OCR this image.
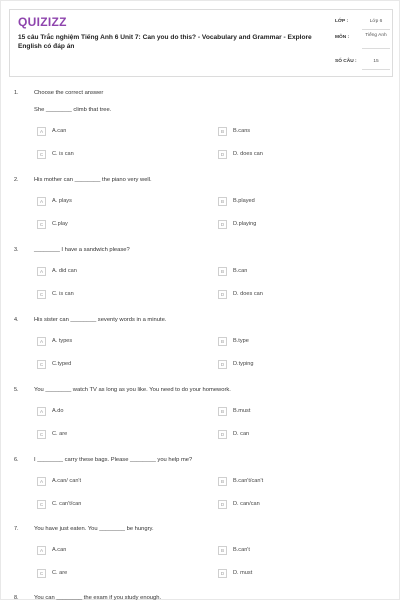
QUIZIZZ
15 câu Trắc nghiệm Tiếng Anh 6 Unit 7: Can you do this? - Vocabulary and Grammar - Explore English có đáp án
LỚP :	Lớp 6
MÔN :	Tiếng Anh
SỐ CÂU :	15
1.	Choose the correct answer
She ________ climb that tree.
A	A.can	B	B.cans
C	C. is can	D	D. does can
2.	His mother can ________ the piano very well.
A	A. plays	B	B.played
C	C.play	D	D.playing
3.	________ I have a sandwich please?
A	A. did can	B	B.can
C	C. is can	D	D. does can
4.	His sister can ________ seventy words in a minute.
A	A. types	B	B.type
C	C.typed	D	D.typing
5.	You ________ watch TV as long as you like. You need to do your homework.
A	A.do	B	B.must
C	C. are	D	D. can
6.	I ________ carry these bags. Please ________ you help me?
A	A.can/ can't	B	B.can't/can't
C	C. can't/can	D	D. can/can
7.	You have just eaten. You ________ be hungry.
A	A.can	B	B.can't
C	C. are	D	D. must
8.	You can ________ the exam if you study enough.
